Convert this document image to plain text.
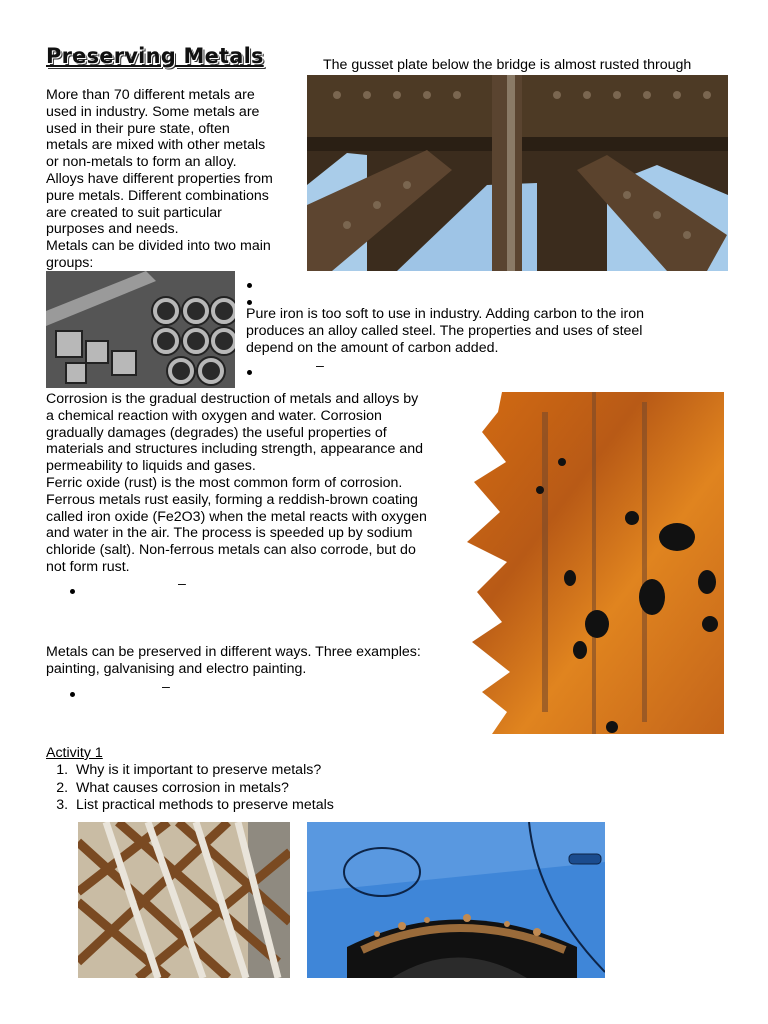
Preserving Metals	The gusset plate below the bridge is almost rusted through

More than 70 different metals are

used in industry. Some metals are

used in their pure state, often

metals are mixed with other metals

or non-metals to form an alloy.

Alloys have different properties from

pure metals. Different combinations

are created to suit particular

purposes and needs.

Metals can be divided into two main

groups:

Pure iron is too soft to use in industry. Adding carbon to the iron

produces an alloy called steel. The properties and uses of steel

depend on the amount of carbon added.

–

Corrosion is the gradual destruction of metals and alloys by

a chemical reaction with oxygen and water. Corrosion

gradually damages (degrades) the useful properties of

materials and structures including strength, appearance and

permeability to liquids and gases.

Ferric oxide (rust) is the most common form of corrosion.

Ferrous metals rust easily, forming a reddish-brown coating

called iron oxide (Fe2O3) when the metal reacts with oxygen

and water in the air. The process is speeded up by sodium

chloride (salt). Non-ferrous metals can also corrode, but do

not form rust.

–

Metals can be preserved in different ways. Three examples:

painting, galvanising and electro painting.

–
Activity 1
1. Why is it important to preserve metals?
2. What causes corrosion in metals?
3. List practical methods to preserve metals
